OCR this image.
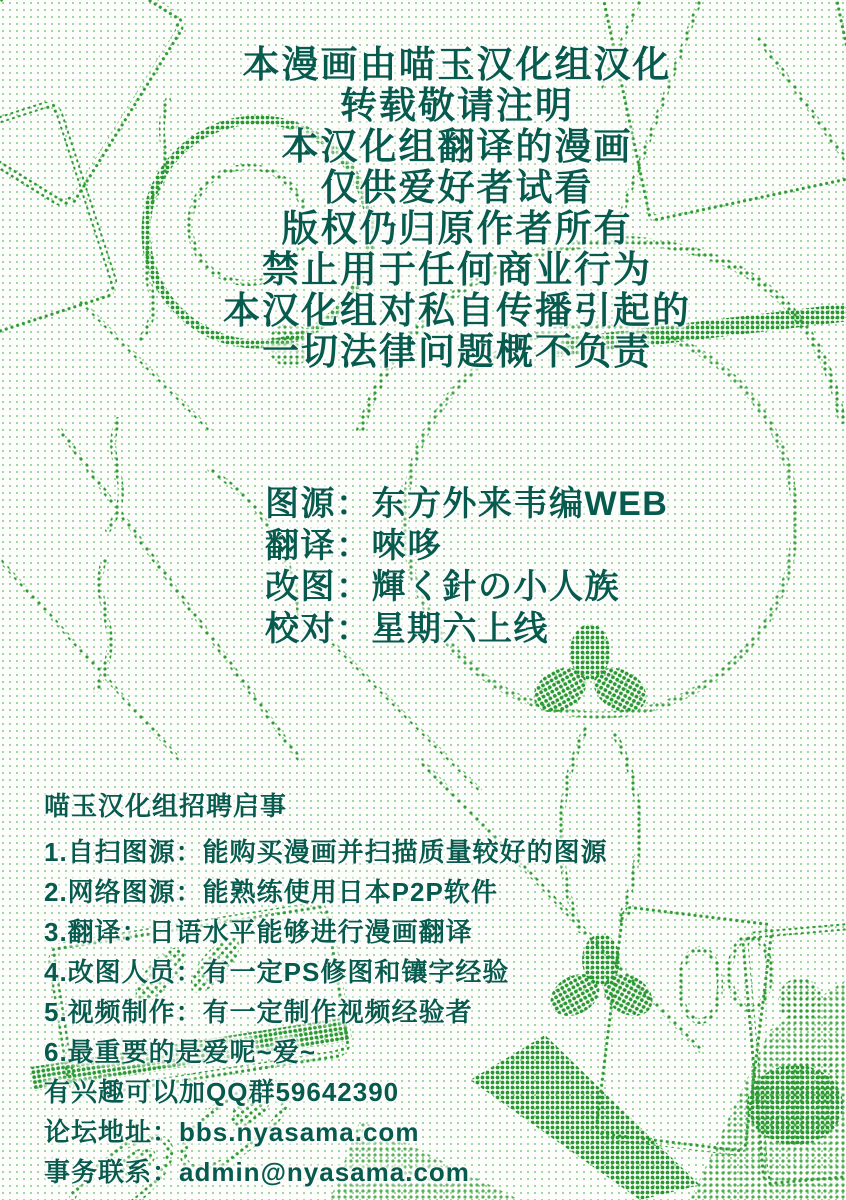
本漫画由喵玉汉化组汉化
转载敬请注明
本汉化组翻译的漫画
仅供爱好者试看
版权仍归原作者所有
禁止用于任何商业行为
本汉化组对私自传播引起的
一切法律问题概不负责
图源：东方外来韦编WEB
翻译：唻哆
改图：輝く針の小人族
校对：星期六上线
喵玉汉化组招聘启事
1.自扫图源：能购买漫画并扫描质量较好的图源
2.网络图源：能熟练使用日本P2P软件
3.翻译：日语水平能够进行漫画翻译
4.改图人员：有一定PS修图和镶字经验
5.视频制作：有一定制作视频经验者
6.最重要的是爱呢~爱~
有兴趣可以加QQ群59642390
论坛地址：bbs.nyasama.com
事务联系：admin@nyasama.com
